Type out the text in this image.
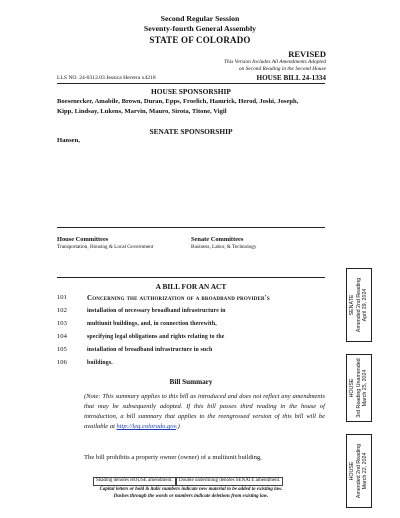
Second Regular Session
Seventy-fourth General Assembly
STATE OF COLORADO
REVISED
This Version Includes All Amendments Adopted
on Second Reading in the Second House
LLS NO. 24-0312.03 Jessica Herrera x4218	HOUSE BILL 24-1334
HOUSE SPONSORSHIP
Boesenecker, Amabile, Brown, Duran, Epps, Froelich, Hamrick, Herod, Joshi, Joseph,
Kipp, Lindsay, Lukens, Marvin, Mauro, Sirota, Titone, Vigil
SENATE SPONSORSHIP
Hansen,
House Committees
Transportation, Housing & Local Government
Senate Committees
Business, Labor, & Technology
A BILL FOR AN ACT
101	Concerning the authorization of a broadband provider's
102	installation of necessary broadband infrastructure in
103	multiunit buildings, and, in connection therewith,
104	specifying legal obligations and rights relating to the
105	installation of broadband infrastructure in such
106	buildings.
Bill Summary
(Note: This summary applies to this bill as introduced and does not reflect any amendments that may be subsequently adopted. If this bill passes third reading in the house of introduction, a bill summary that applies to the reengrossed version of this bill will be available at http://leg.colorado.gov.)
The bill prohibits a property owner (owner) of a multiunit building,
Shading denotes HOUSE amendment.	Double underlining denotes SENATE amendment.
Capital letters or bold & italic numbers indicate new material to be added to existing law.
Dashes through the words or numbers indicate deletions from existing law.
SENATE Amended 2nd Reading April 29, 2024
HOUSE 3rd Reading Unamended March 25, 2024
HOUSE Amended 2nd Reading March 22, 2024
